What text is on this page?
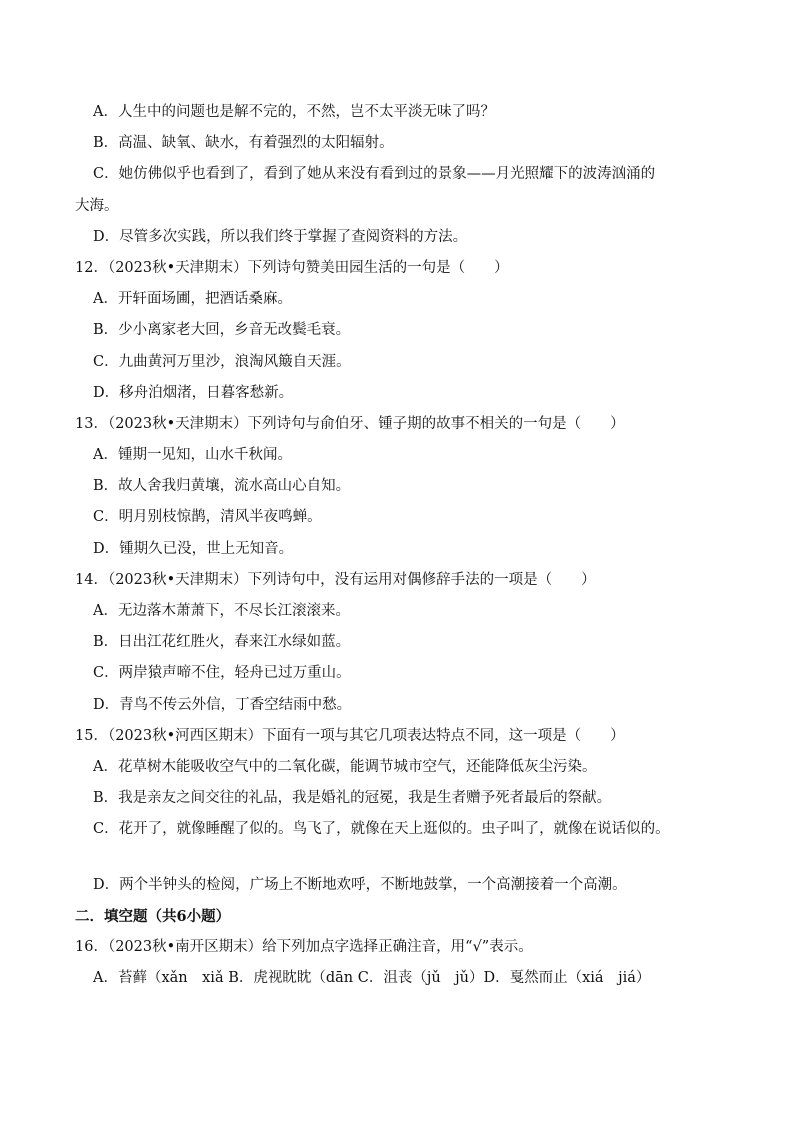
A．人生中的问题也是解不完的，不然，岂不太平淡无味了吗？
B．高温、缺氧、缺水，有着强烈的太阳辐射。
C．她仿佛似乎也看到了，看到了她从来没有看到过的景象——月光照耀下的波涛汹涌的
大海。
D．尽管多次实践，所以我们终于掌握了查阅资料的方法。
12．（2023秋•天津期末）下列诗句赞美田园生活的一句是（　　）
A．开轩面场圃，把酒话桑麻。
B．少小离家老大回，乡音无改鬓毛衰。
C．九曲黄河万里沙，浪淘风簸自天涯。
D．移舟泊烟渚，日暮客愁新。
13．（2023秋•天津期末）下列诗句与俞伯牙、锺子期的故事不相关的一句是（　　）
A．锺期一见知，山水千秋闻。
B．故人舍我归黄壤，流水高山心自知。
C．明月别枝惊鹊，清风半夜鸣蝉。
D．锺期久已没，世上无知音。
14．（2023秋•天津期末）下列诗句中，没有运用对偶修辞手法的一项是（　　）
A．无边落木萧萧下，不尽长江滚滚来。
B．日出江花红胜火，春来江水绿如蓝。
C．两岸猿声啼不住，轻舟已过万重山。
D．青鸟不传云外信，丁香空结雨中愁。
15．（2023秋•河西区期末）下面有一项与其它几项表达特点不同，这一项是（　　）
A．花草树木能吸收空气中的二氧化碳，能调节城市空气，还能降低灰尘污染。
B．我是亲友之间交往的礼品，我是婚礼的冠冕，我是生者赠予死者最后的祭献。
C．花开了，就像睡醒了似的。鸟飞了，就像在天上逛似的。虫子叫了，就像在说话似的。
D．两个半钟头的检阅，广场上不断地欢呼，不断地鼓掌，一个高潮接着一个高潮。
二．填空题（共6小题）
16．（2023秋•南开区期末）给下列加点字选择正确注音，用“√”表示。
A．苔藓（xǎn　xiǎ B．虎视眈眈（dān C．沮丧（jǔ　jǔ）D．戛然而止（xiá　jiá）
